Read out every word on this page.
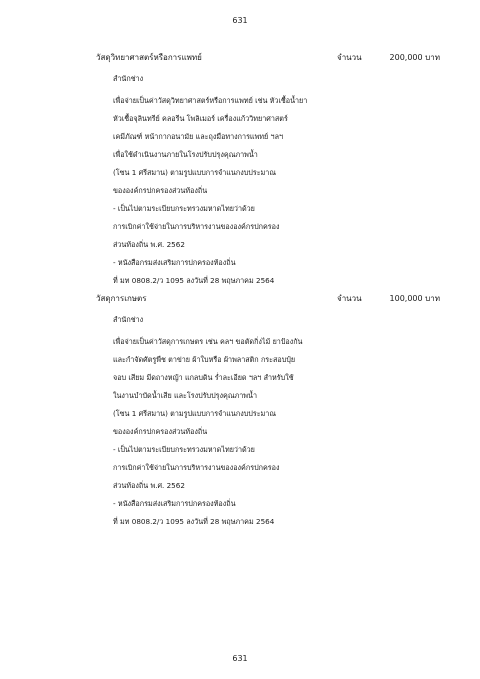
631
วัสดุวิทยาศาสตร์หรือการแพทย์	จำนวน	200,000 บาท
สำนักช่าง
เพื่อจ่ายเป็นค่าวัสดุวิทยาศาสตร์หรือการแพทย์ เช่น หัวเชื้อน้ำยา
หัวเชื้อจุลินทรีย์ คลอรีน โพลิเมอร์ เครื่องแก้ววิทยาศาสตร์
เคมีภัณฑ์ หน้ากากอนามัย และถุงมือทางการแพทย์ ฯลฯ
เพื่อใช้ดำเนินงานภายในโรงปรับปรุงคุณภาพน้ำ
(โซน 1 ศรีสมาน) ตามรูปแบบการจำแนกงบประมาณ
ขององค์กรปกครองส่วนท้องถิ่น
- เป็นไปตามระเบียบกระทรวงมหาดไทยว่าด้วย
การเบิกค่าใช้จ่ายในการบริหารงานขององค์กรปกครอง
ส่วนท้องถิ่น พ.ศ. 2562
- หนังสือกรมส่งเสริมการปกครองท้องถิ่น
ที่ มท 0808.2/ว 1095 ลงวันที่ 28 พฤษภาคม 2564
วัสดุการเกษตร	จำนวน	100,000 บาท
สำนักช่าง
เพื่อจ่ายเป็นค่าวัสดุการเกษตร เช่น คลฯ ขอตัดกิ่งไม้ ยาป้องกัน
และกำจัดศัตรูพืช ตาข่าย ผ้าใบหรือ ผ้าพลาสติก กระสอบปุ๋ย
จอบ เสียม มีดถางหญ้า แกลบดิน ร่ำละเอียด ฯลฯ สำหรับใช้
ในงานบำบัดน้ำเสีย และโรงปรับปรุงคุณภาพน้ำ
(โซน 1 ศรีสมาน) ตามรูปแบบการจำแนกงบประมาณ
ขององค์กรปกครองส่วนท้องถิ่น
- เป็นไปตามระเบียบกระทรวงมหาดไทยว่าด้วย
การเบิกค่าใช้จ่ายในการบริหารงานขององค์กรปกครอง
ส่วนท้องถิ่น พ.ศ. 2562
- หนังสือกรมส่งเสริมการปกครองท้องถิ่น
ที่ มท 0808.2/ว 1095 ลงวันที่ 28 พฤษภาคม 2564
631
